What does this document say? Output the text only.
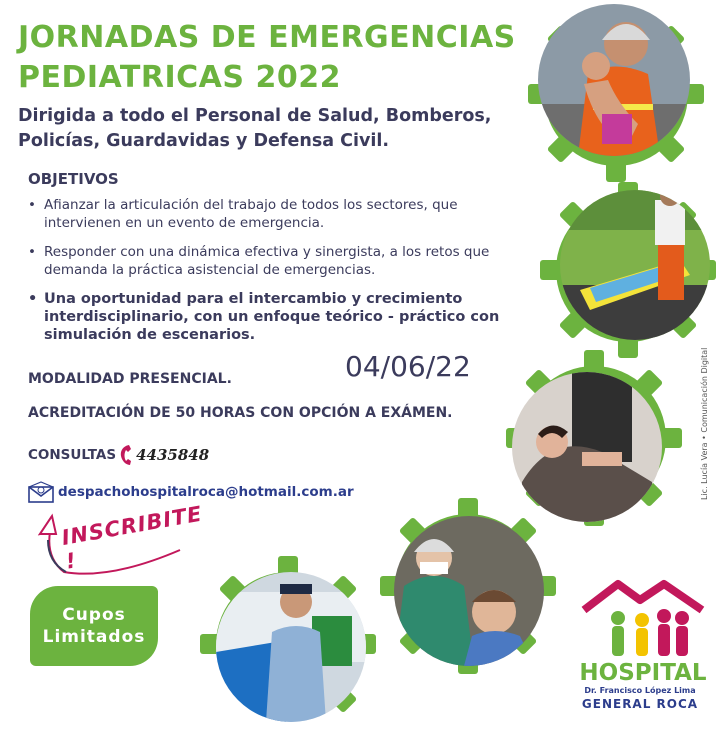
JORNADAS DE EMERGENCIAS
PEDIATRICAS 2022

Dirigida a todo el Personal de Salud, Bomberos, Policías, Guardavidas y Defensa Civil.

OBJETIVOS
• Afianzar la articulación del trabajo de todos los sectores, que intervienen en un evento de emergencia.
• Responder con una dinámica efectiva y sinergista, a los retos que demanda la práctica asistencial de emergencias.
• Una oportunidad para el intercambio y crecimiento interdisciplinario, con un enfoque teórico - práctico con simulación de escenarios.
MODALIDAD PRESENCIAL.	04/06/22
ACREDITACIÓN DE 50 HORAS CON OPCIÓN A EXÁMEN.
CONSULTAS 4435848
despachohospitalroca@hotmail.com.ar
INSCRIBITE !
Cupos
Limitados
Lic. Lucía Vera • Comunicación Digital
HOSPITAL
Dr. Francisco López Lima
GENERAL ROCA
